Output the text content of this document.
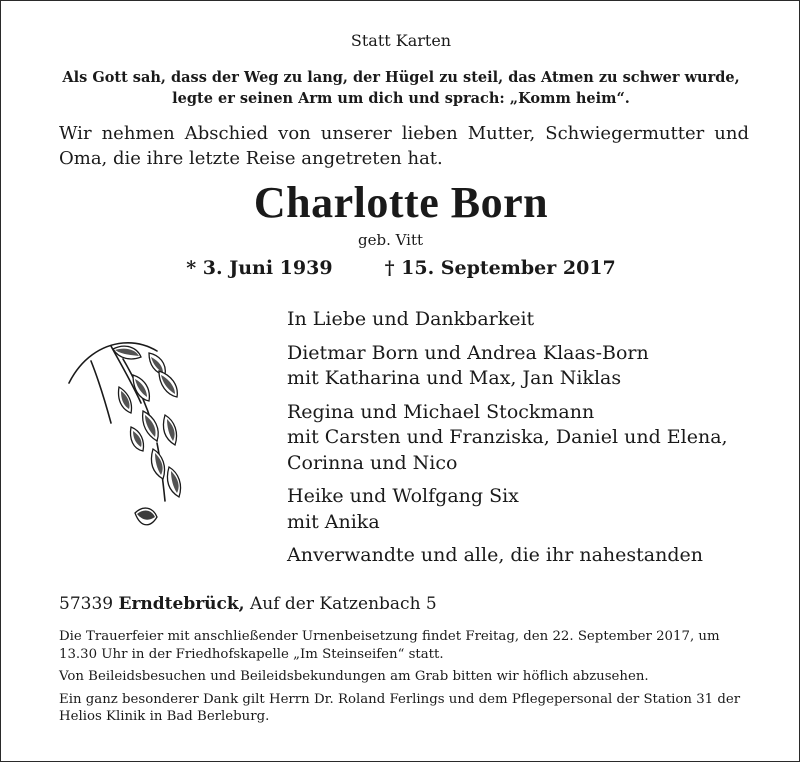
Statt Karten
Als Gott sah, dass der Weg zu lang, der Hügel zu steil, das Atmen zu schwer wurde,
legte er seinen Arm um dich und sprach: „Komm heim“.
Wir nehmen Abschied von unserer lieben Mutter, Schwiegermutter und Oma, die ihre letzte Reise angetreten hat.
Charlotte Born
geb. Vitt
* 3. Juni 1939	† 15. September 2017
In Liebe und Dankbarkeit
Dietmar Born und Andrea Klaas-Born
mit Katharina und Max, Jan Niklas
Regina und Michael Stockmann
mit Carsten und Franziska, Daniel und Elena,
Corinna und Nico
Heike und Wolfgang Six
mit Anika
Anverwandte und alle, die ihr nahestanden
57339 Erndtebrück, Auf der Katzenbach 5

Die Trauerfeier mit anschließender Urnenbeisetzung findet Freitag, den 22. September 2017, um 13.30 Uhr in der Friedhofskapelle „Im Steinseifen“ statt.

Von Beileidsbesuchen und Beileidsbekundungen am Grab bitten wir höflich abzusehen.

Ein ganz besonderer Dank gilt Herrn Dr. Roland Ferlings und dem Pflegepersonal der Station 31 der Helios Klinik in Bad Berleburg.
